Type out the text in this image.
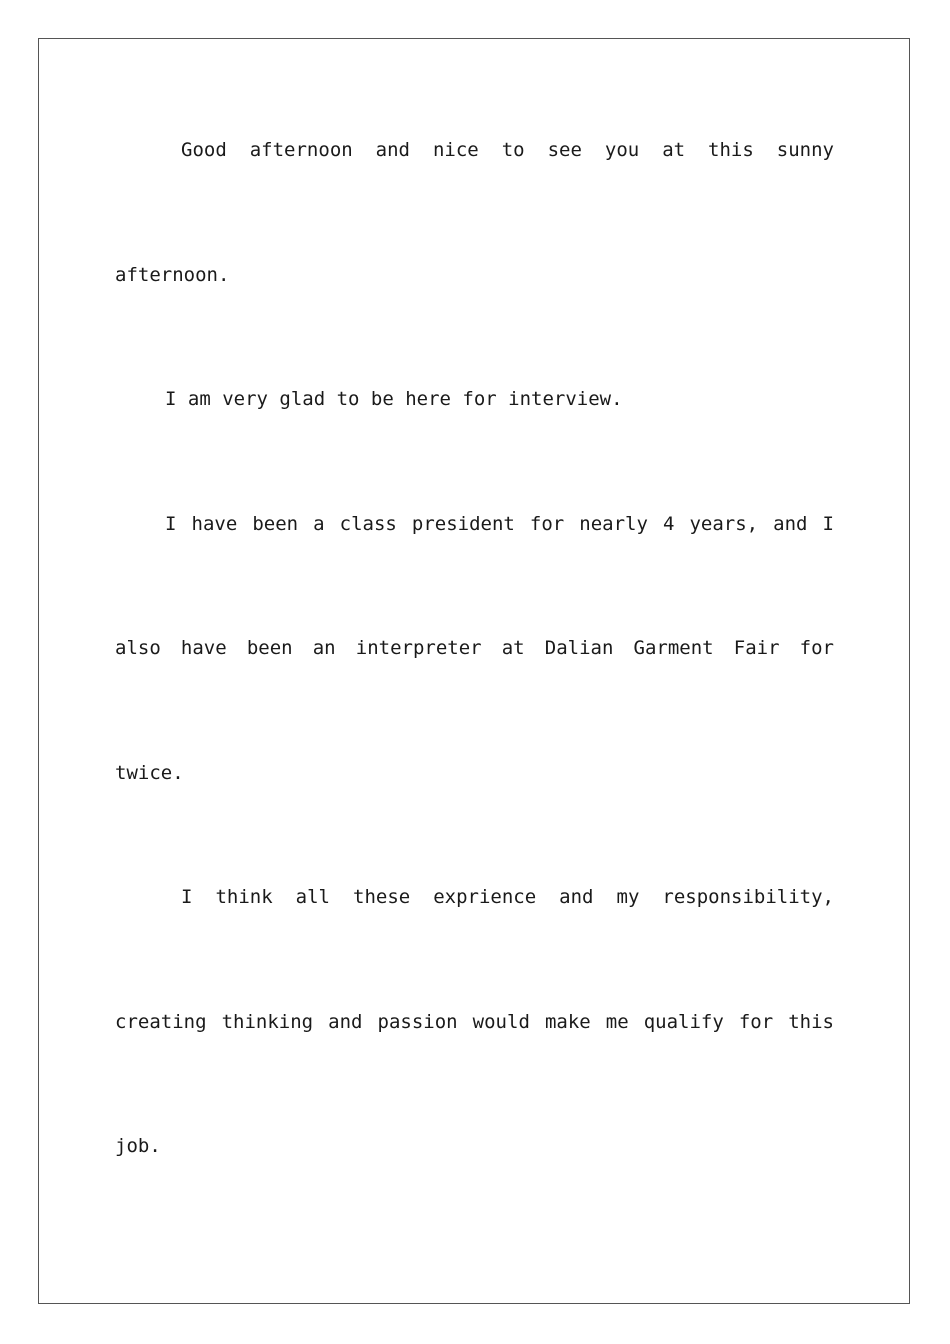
Good afternoon and nice to see you at this sunny
afternoon.
I am very glad to be here for interview.
I have been a class president for nearly 4 years, and I
also have been an interpreter at Dalian Garment Fair for
twice.
I think all these exprience and my responsibility,
creating thinking and passion would make me qualify for this
job.
